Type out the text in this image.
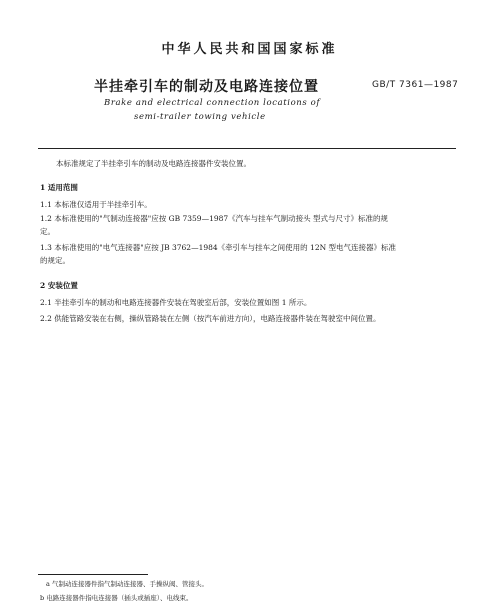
中华人民共和国国家标准
半挂牵引车的制动及电路连接位置	GB/T 7361—1987
Brake and electrical connection locations of
semi-trailer towing vehicle
本标准规定了半挂牵引车的制动及电路连接器件安装位置。
1 适用范围
1.1 本标准仅适用于半挂牵引车。
1.2 本标准使用的"气制动连接器"应按 GB 7359—1987《汽车与挂车气制动接头 型式与尺寸》标准的规
定。
1.3 本标准使用的"电气连接器"应按 JB 3762—1984《牵引车与挂车之间使用的 12N 型电气连接器》标准
的规定。
2 安装位置
2.1 半挂牵引车的制动和电路连接器件安装在驾驶室后部，安装位置如图 1 所示。
2.2 供能管路安装在右侧，操纵管路装在左侧（按汽车前进方向），电路连接器件装在驾驶室中间位置。
a 气制动连接器件指气制动连接器、手操纵阀、管接头。
b 电路连接器件指电连接器（插头或插座）、电线束。
